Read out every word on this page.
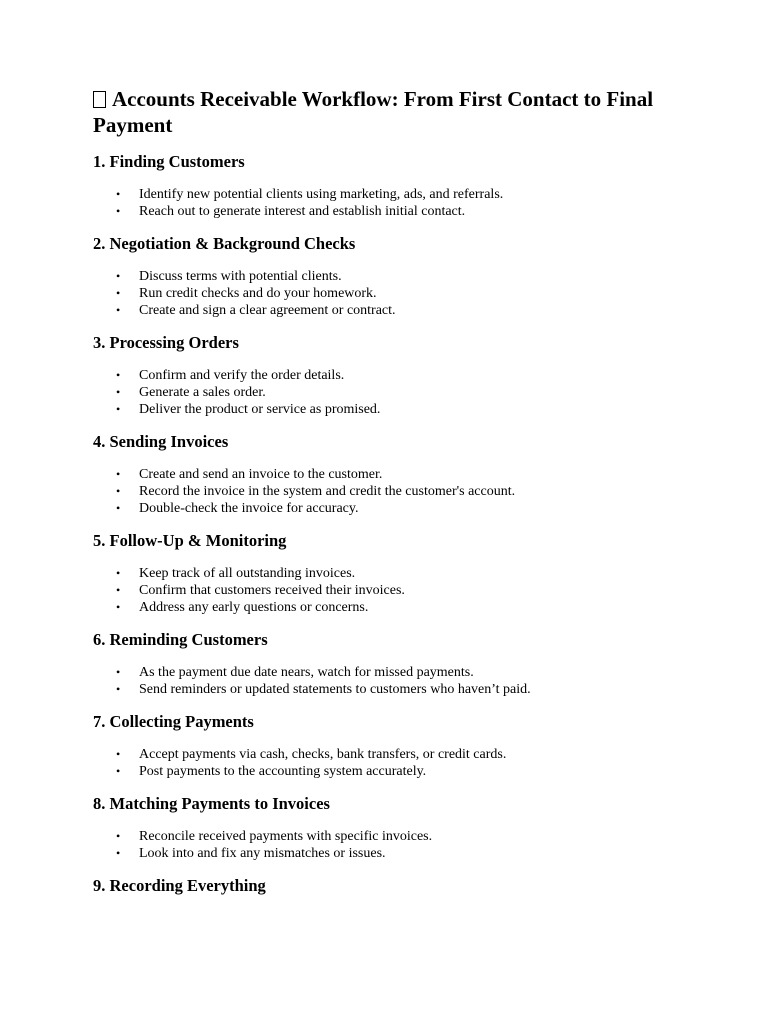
Accounts Receivable Workflow: From First Contact to Final Payment
1. Finding Customers
• Identify new potential clients using marketing, ads, and referrals.
• Reach out to generate interest and establish initial contact.
2. Negotiation & Background Checks
• Discuss terms with potential clients.
• Run credit checks and do your homework.
• Create and sign a clear agreement or contract.
3. Processing Orders
• Confirm and verify the order details.
• Generate a sales order.
• Deliver the product or service as promised.
4. Sending Invoices
• Create and send an invoice to the customer.
• Record the invoice in the system and credit the customer's account.
• Double-check the invoice for accuracy.
5. Follow-Up & Monitoring
• Keep track of all outstanding invoices.
• Confirm that customers received their invoices.
• Address any early questions or concerns.
6. Reminding Customers
• As the payment due date nears, watch for missed payments.
• Send reminders or updated statements to customers who haven’t paid.
7. Collecting Payments
• Accept payments via cash, checks, bank transfers, or credit cards.
• Post payments to the accounting system accurately.
8. Matching Payments to Invoices
• Reconcile received payments with specific invoices.
• Look into and fix any mismatches or issues.
9. Recording Everything
